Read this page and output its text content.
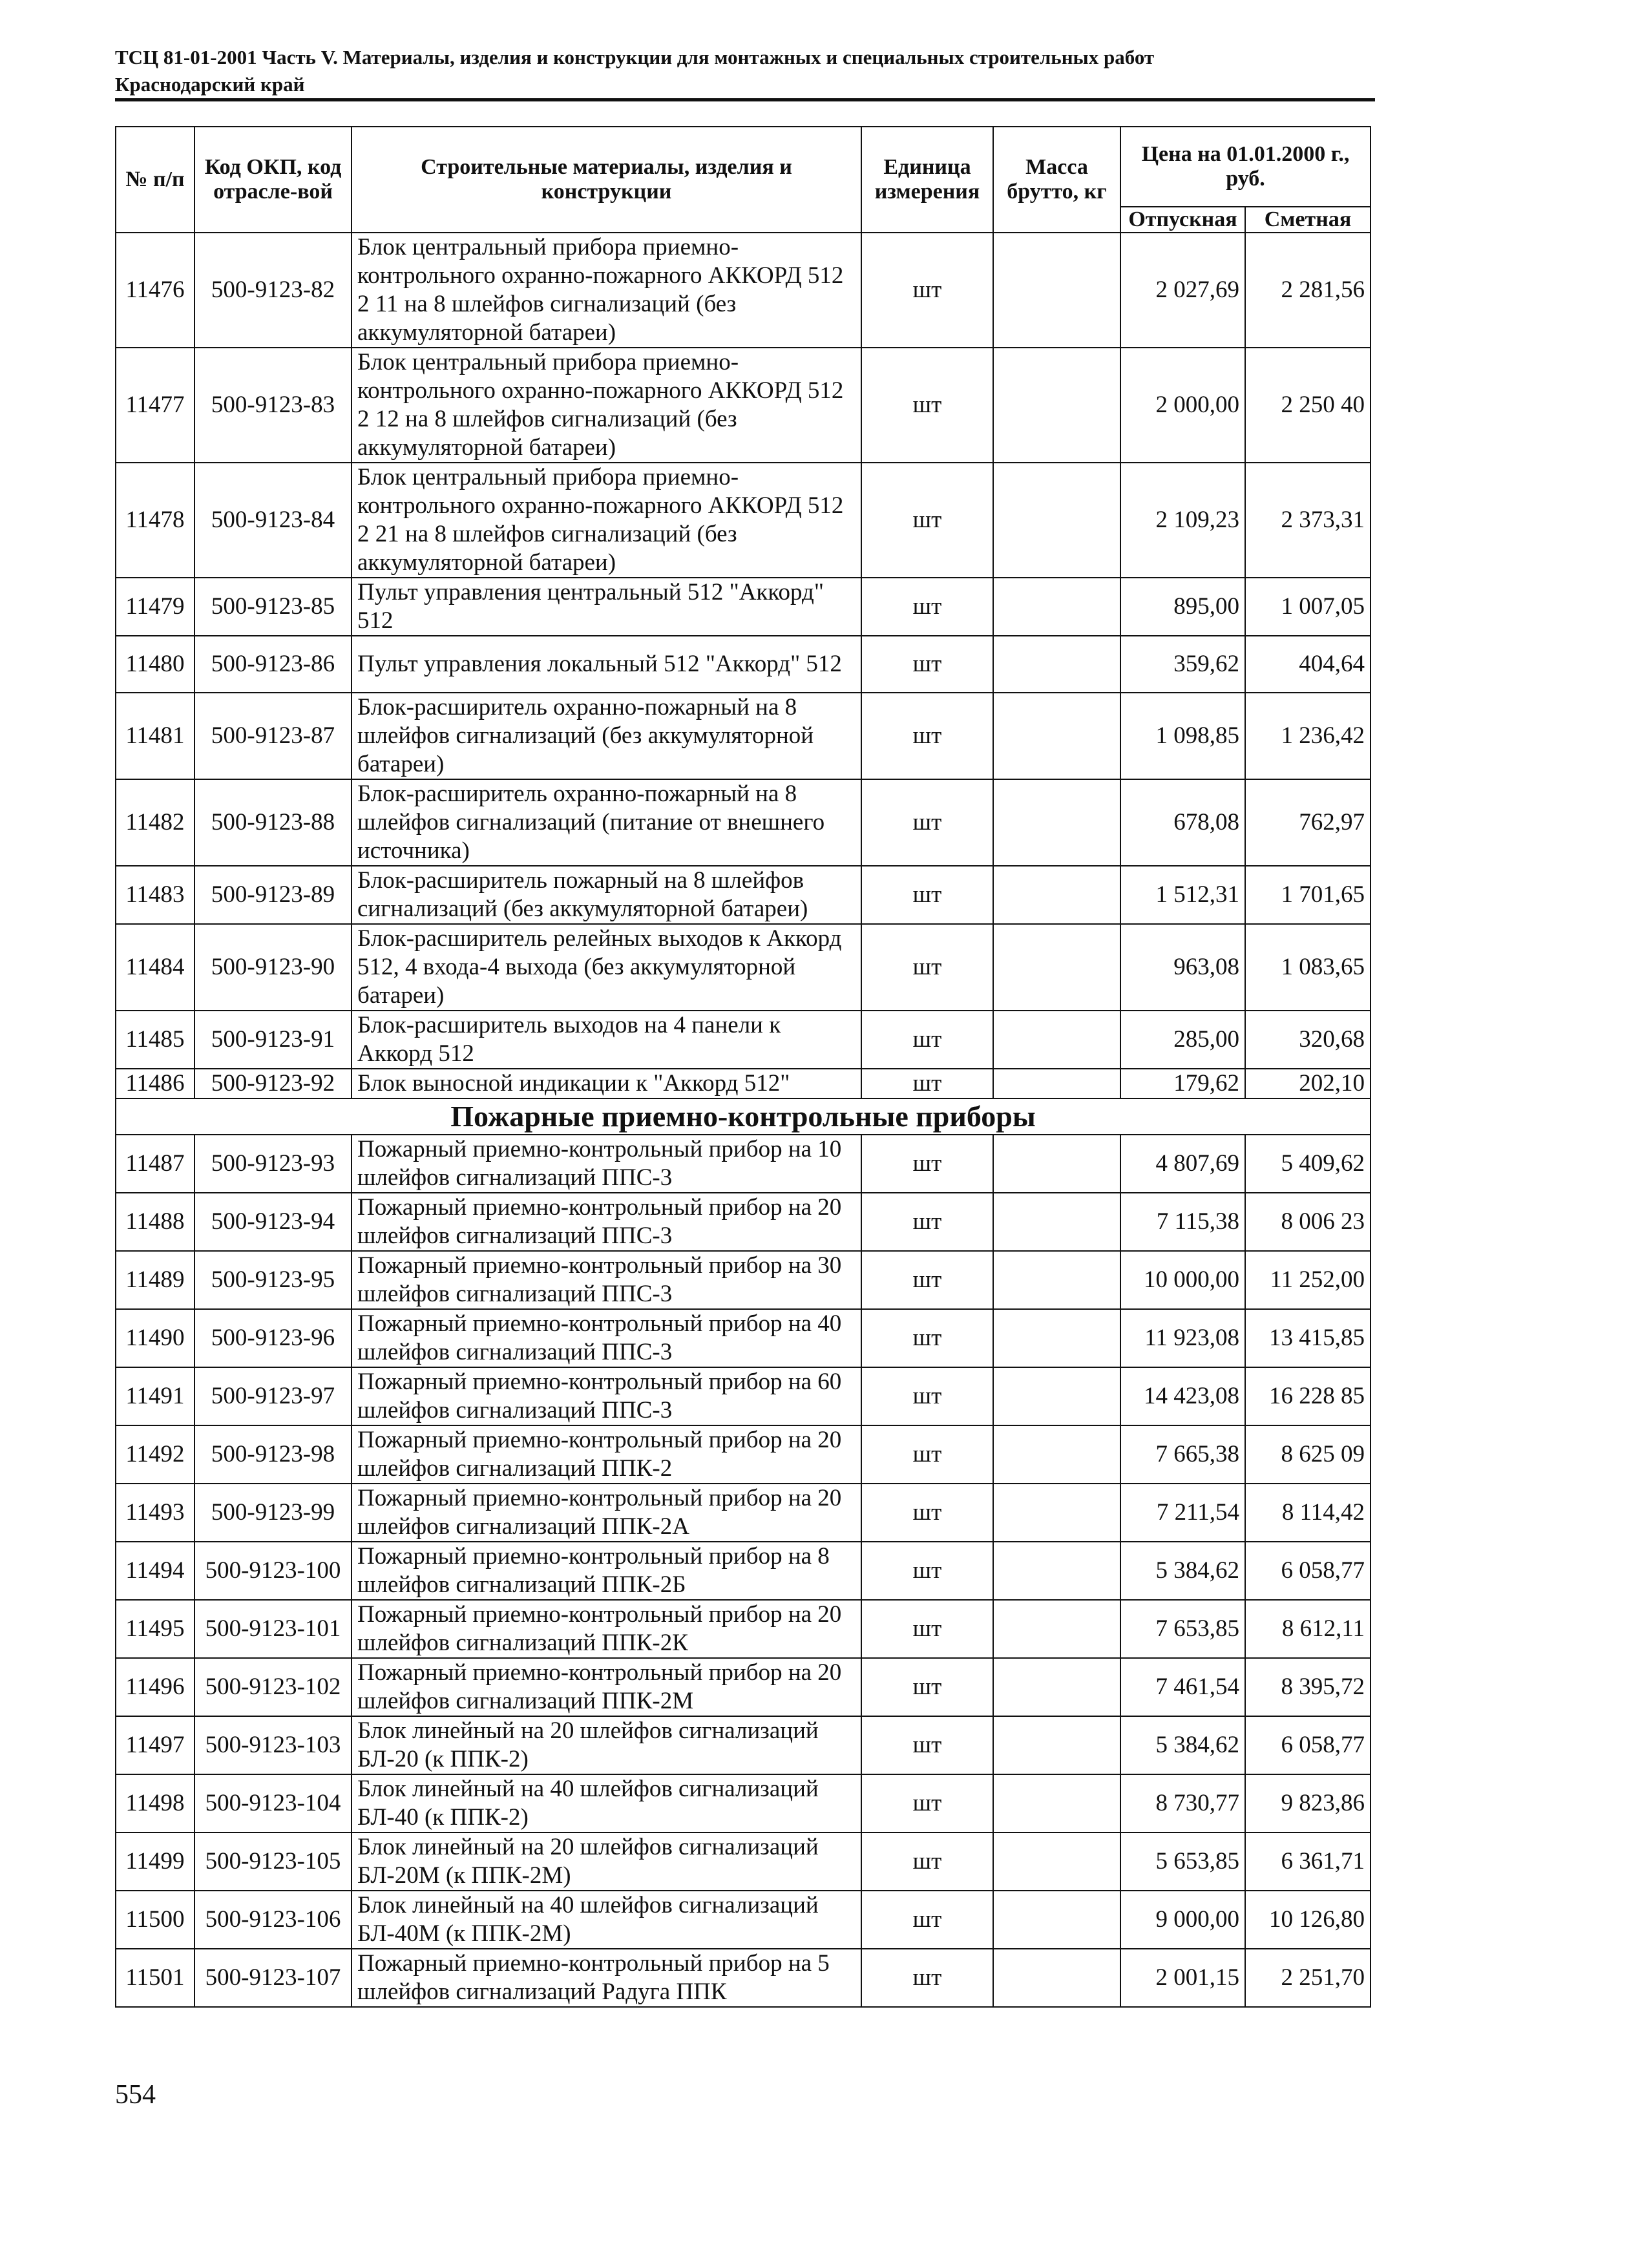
ТСЦ 81-01-2001 Часть V. Материалы, изделия и конструкции для монтажных и специальных строительных работ
Краснодарский край
№ п/п	Код ОКП, код отрасле-вой	Строительные материалы, изделия и конструкции	Единица измерения	Масса брутто, кг	Цена на 01.01.2000 г., руб.	
					Отпускная	Сметная
11476	500-9123-82	Блок центральный прибора приемно-контрольного охранно-пожарного АККОРД 512 2 11 на 8 шлейфов сигнализаций (без аккумуляторной батареи)	шт		2 027,69	2 281,56
11477	500-9123-83	Блок центральный прибора приемно-контрольного охранно-пожарного АККОРД 512 2 12 на 8 шлейфов сигнализаций (без аккумуляторной батареи)	шт		2 000,00	2 250 40
11478	500-9123-84	Блок центральный прибора приемно-контрольного охранно-пожарного АККОРД 512 2 21 на 8 шлейфов сигнализаций (без аккумуляторной батареи)	шт		2 109,23	2 373,31
11479	500-9123-85	Пульт управления центральный 512 "Аккорд" 512	шт		895,00	1 007,05
11480	500-9123-86	Пульт управления локальный 512 "Аккорд" 512	шт		359,62	404,64
11481	500-9123-87	Блок-расширитель охранно-пожарный на 8 шлейфов сигнализаций (без аккумуляторной батареи)	шт		1 098,85	1 236,42
11482	500-9123-88	Блок-расширитель охранно-пожарный на 8 шлейфов сигнализаций (питание от внешнего источника)	шт		678,08	762,97
11483	500-9123-89	Блок-расширитель пожарный на 8 шлейфов сигнализаций (без аккумуляторной батареи)	шт		1 512,31	1 701,65
11484	500-9123-90	Блок-расширитель релейных выходов к Аккорд 512, 4 входа-4 выхода (без аккумуляторной батареи)	шт		963,08	1 083,65
11485	500-9123-91	Блок-расширитель выходов на 4 панели к Аккорд 512	шт		285,00	320,68
11486	500-9123-92	Блок выносной индикации к "Аккорд 512"	шт		179,62	202,10
Пожарные приемно-контрольные приборы						
11487	500-9123-93	Пожарный приемно-контрольный прибор на 10 шлейфов сигнализаций ППС-3	шт		4 807,69	5 409,62
11488	500-9123-94	Пожарный приемно-контрольный прибор на 20 шлейфов сигнализаций ППС-3	шт		7 115,38	8 006 23
11489	500-9123-95	Пожарный приемно-контрольный прибор на 30 шлейфов сигнализаций ППС-3	шт		10 000,00	11 252,00
11490	500-9123-96	Пожарный приемно-контрольный прибор на 40 шлейфов сигнализаций ППС-3	шт		11 923,08	13 415,85
11491	500-9123-97	Пожарный приемно-контрольный прибор на 60 шлейфов сигнализаций ППС-3	шт		14 423,08	16 228 85
11492	500-9123-98	Пожарный приемно-контрольный прибор на 20 шлейфов сигнализаций ППК-2	шт		7 665,38	8 625 09
11493	500-9123-99	Пожарный приемно-контрольный прибор на 20 шлейфов сигнализаций ППК-2А	шт		7 211,54	8 114,42
11494	500-9123-100	Пожарный приемно-контрольный прибор на 8 шлейфов сигнализаций ППК-2Б	шт		5 384,62	6 058,77
11495	500-9123-101	Пожарный приемно-контрольный прибор на 20 шлейфов сигнализаций ППК-2К	шт		7 653,85	8 612,11
11496	500-9123-102	Пожарный приемно-контрольный прибор на 20 шлейфов сигнализаций ППК-2М	шт		7 461,54	8 395,72
11497	500-9123-103	Блок линейный на 20 шлейфов сигнализаций БЛ-20 (к ППК-2)	шт		5 384,62	6 058,77
11498	500-9123-104	Блок линейный на 40 шлейфов сигнализаций БЛ-40 (к ППК-2)	шт		8 730,77	9 823,86
11499	500-9123-105	Блок линейный на 20 шлейфов сигнализаций БЛ-20М (к ППК-2М)	шт		5 653,85	6 361,71
11500	500-9123-106	Блок линейный на 40 шлейфов сигнализаций БЛ-40М (к ППК-2М)	шт		9 000,00	10 126,80
11501	500-9123-107	Пожарный приемно-контрольный прибор на 5 шлейфов сигнализаций Радуга ППК	шт		2 001,15	2 251,70
554
